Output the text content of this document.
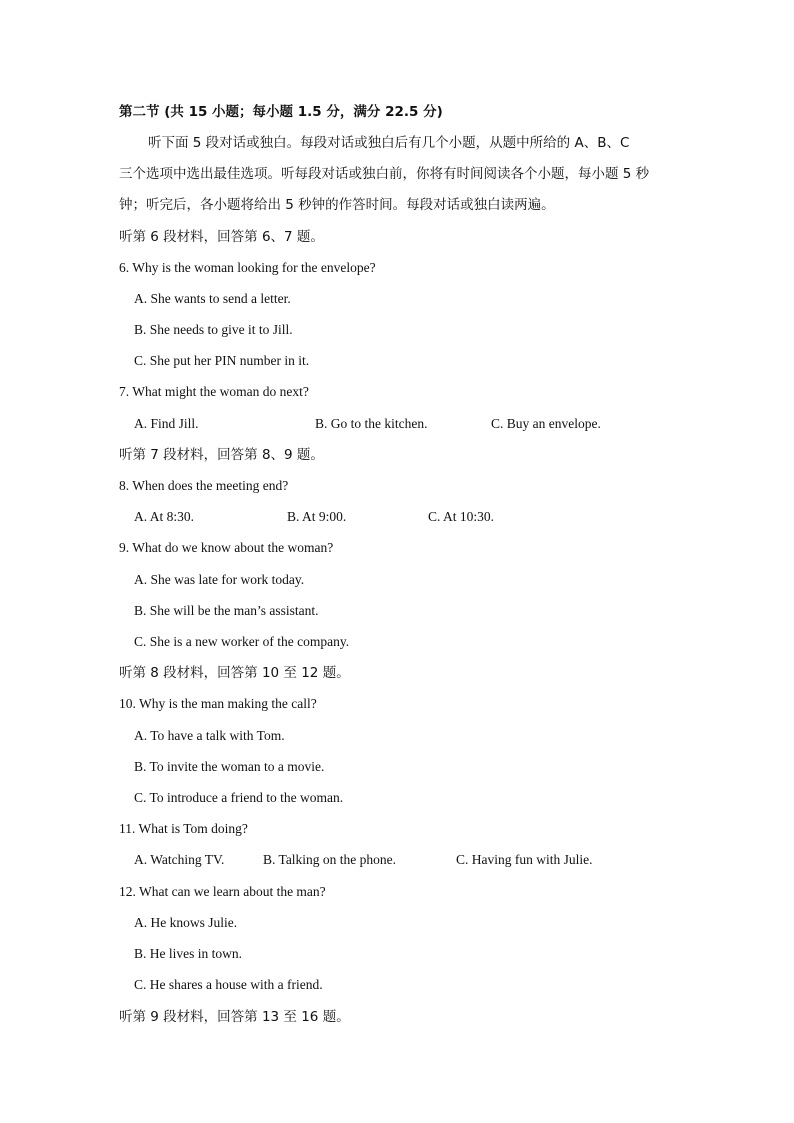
第二节 (共 15 小题；每小题 1.5 分，满分 22.5 分)
听下面 5 段对话或独白。每段对话或独白后有几个小题，从题中所给的 A、B、C
三个选项中选出最佳选项。听每段对话或独白前，你将有时间阅读各个小题，每小题 5 秒
钟；听完后，各小题将给出 5 秒钟的作答时间。每段对话或独白读两遍。
听第 6 段材料，回答第 6、7 题。
6. Why is the woman looking for the envelope?
A. She wants to send a letter.
B. She needs to give it to Jill.
C. She put her PIN number in it.
7. What might the woman do next?
A. Find Jill.	B. Go to the kitchen.	C. Buy an envelope.
听第 7 段材料，回答第 8、9 题。
8. When does the meeting end?
A. At 8:30.	B. At 9:00.	C. At 10:30.
9. What do we know about the woman?
A. She was late for work today.
B. She will be the man’s assistant.
C. She is a new worker of the company.
听第 8 段材料，回答第 10 至 12 题。
10. Why is the man making the call?
A. To have a talk with Tom.
B. To invite the woman to a movie.
C. To introduce a friend to the woman.
11. What is Tom doing?
A. Watching TV.	B. Talking on the phone.	C. Having fun with Julie.
12. What can we learn about the man?
A. He knows Julie.
B. He lives in town.
C. He shares a house with a friend.
听第 9 段材料，回答第 13 至 16 题。
